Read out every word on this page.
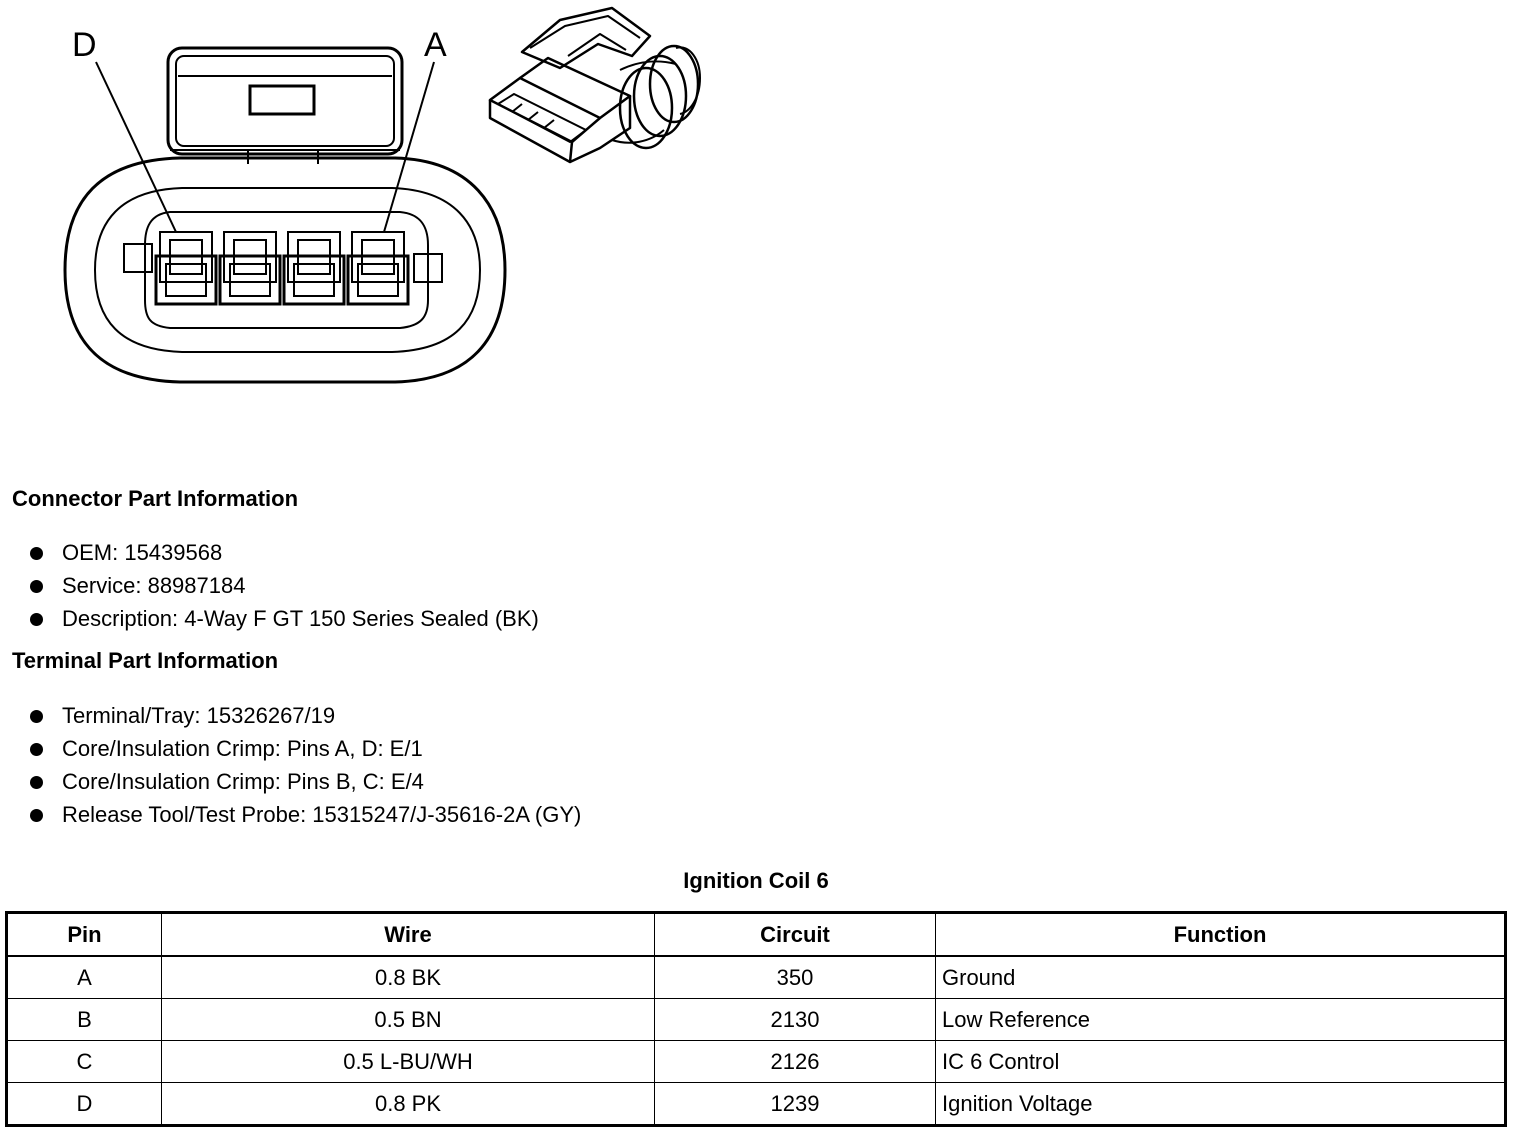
D	A
Connector Part Information
OEM: 15439568
Service: 88987184
Description: 4-Way F GT 150 Series Sealed (BK)
Terminal Part Information
Terminal/Tray: 15326267/19
Core/Insulation Crimp: Pins A, D: E/1
Core/Insulation Crimp: Pins B, C: E/4
Release Tool/Test Probe: 15315247/J-35616-2A (GY)
Ignition Coil 6
Pin	Wire	Circuit	Function
A	0.8 BK	350	Ground
B	0.5 BN	2130	Low Reference
C	0.5 L-BU/WH	2126	IC 6 Control
D	0.8 PK	1239	Ignition Voltage
